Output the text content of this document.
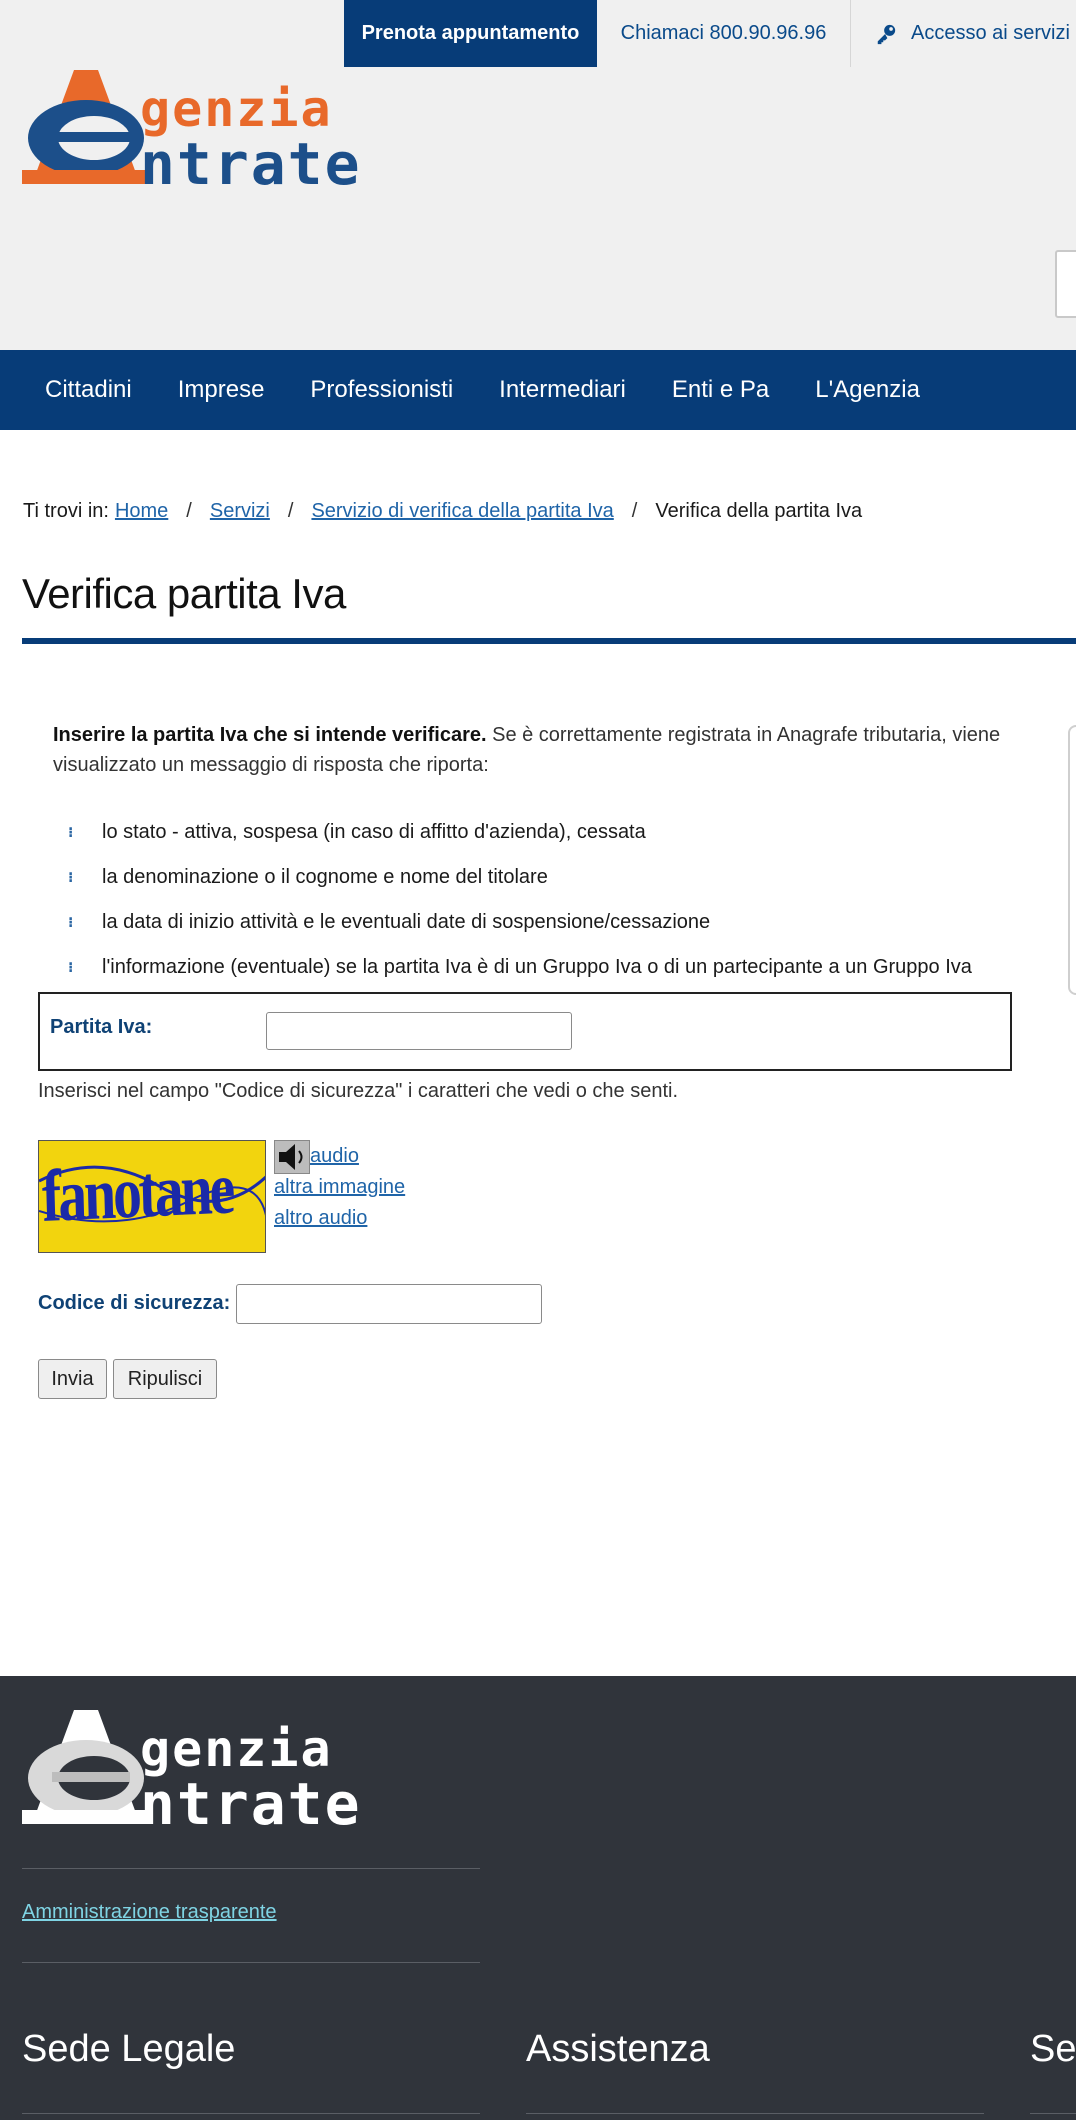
Prenota appuntamento	Chiamaci 800.90.96.96	Accesso ai servizi
genzia
ntrate
Cittadini	Imprese	Professionisti	Intermediari	Enti e Pa	L'Agenzia
Ti trovi in: Home / Servizi / Servizio di verifica della partita Iva / Verifica della partita Iva
Verifica partita Iva

Inserire la partita Iva che si intende verificare. Se è correttamente registrata in Anagrafe tributaria, viene visualizzato un messaggio di risposta che riporta:

⁝	lo stato - attiva, sospesa (in caso di affitto d'azienda), cessata
⁝	la denominazione o il cognome e nome del titolare
⁝	la data di inizio attività e le eventuali date di sospensione/cessazione
⁝	l'informazione (eventuale) se la partita Iva è di un Gruppo Iva o di un partecipante a un Gruppo Iva
Partita Iva:
Inserisci nel campo "Codice di sicurezza" i caratteri che vedi o che senti.
fanotane	audio
altra immagine
altro audio
Codice di sicurezza:
Invia	Ripulisci
genzia
ntrate
Amministrazione trasparente
Sede Legale	Assistenza	Se
